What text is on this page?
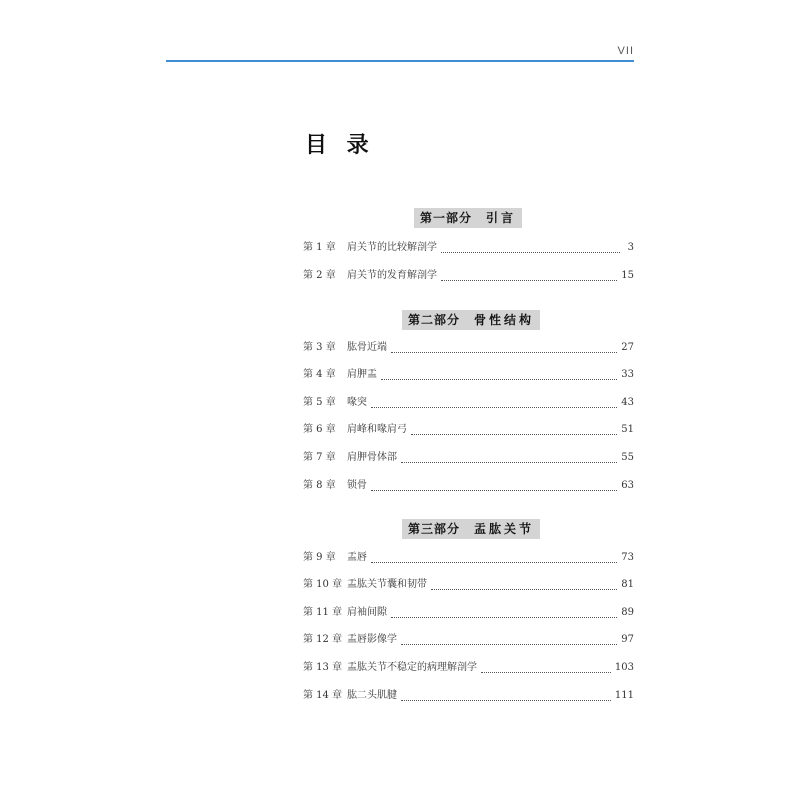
VII
目 录
第一部分 引言
第 1 章	肩关节的比较解剖学	3
第 2 章	肩关节的发育解剖学	15
第二部分 骨性结构
第 3 章	肱骨近端	27
第 4 章	肩胛盂	33
第 5 章	喙突	43
第 6 章	肩峰和喙肩弓	51
第 7 章	肩胛骨体部	55
第 8 章	锁骨	63
第三部分 盂肱关节
第 9 章	盂唇	73
第 10 章 盂肱关节囊和韧带	81
第 11 章 肩袖间隙	89
第 12 章 盂唇影像学	97
第 13 章 盂肱关节不稳定的病理解剖学	103
第 14 章 肱二头肌腱	111
